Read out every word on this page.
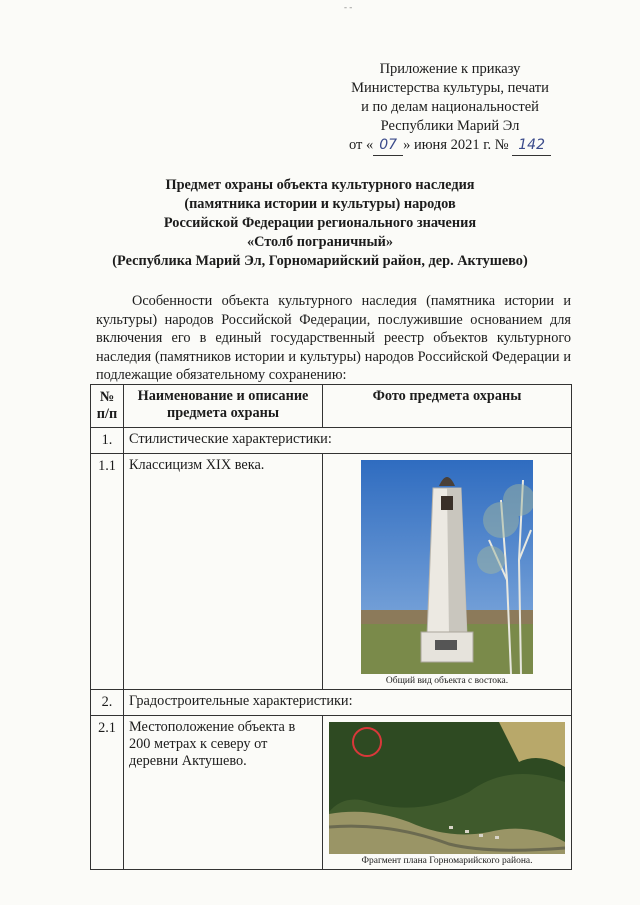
- -
Приложение к приказу
Министерства культуры, печати
и по делам национальностей
Республики Марий Эл
от « 07 » июня 2021 г. № 142
Предмет охраны объекта культурного наследия
(памятника истории и культуры) народов
Российской Федерации регионального значения
«Столб пограничный»
(Республика Марий Эл, Горномарийский район, дер. Актушево)

Особенности объекта культурного наследия (памятника истории и культуры) народов Российской Федерации, послужившие основанием для включения его в единый государственный реестр объектов культурного наследия (памятников истории и культуры) народов Российской Федерации и подлежащие обязательному сохранению:

№ п/п	Наименование и описание предмета охраны	Фото предмета охраны
1.	Стилистические характеристики:	
1.1	Классицизм XIX века.	Общий вид объекта с востока.

2.	Градостроительные характеристики:	
2.1	Местоположение объекта в 200 метрах к северу от деревни Актушево.	Фрагмент плана Горномарийского района.
